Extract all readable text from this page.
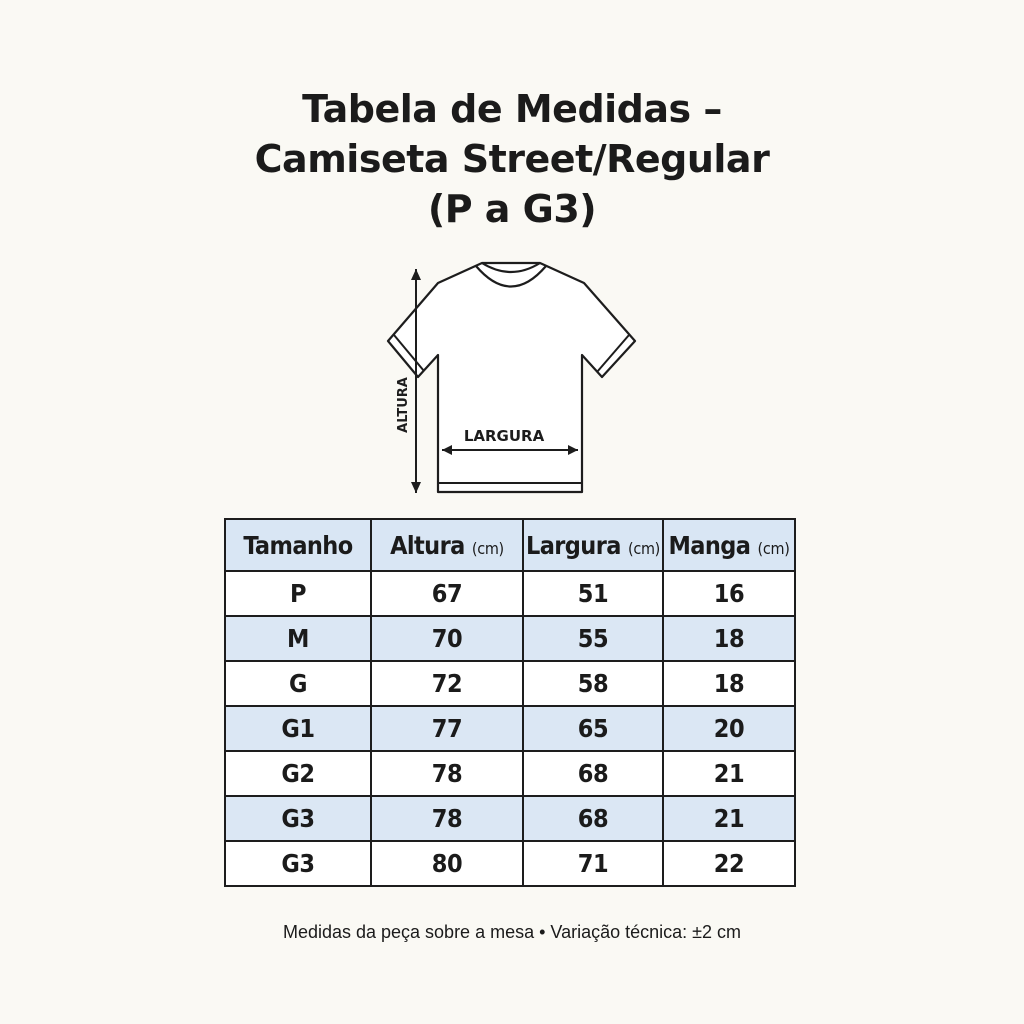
Tabela de Medidas –
Camiseta Street/Regular
(P a G3)
LARGURA
ALTURA
Tamanho	Altura (cm)	Largura (cm)	Manga (cm)
P	67	51	16
M	70	55	18
G	72	58	18
G1	77	65	20
G2	78	68	21
G3	78	68	21
G3	80	71	22
Medidas da peça sobre a mesa • Variação técnica: ±2 cm
